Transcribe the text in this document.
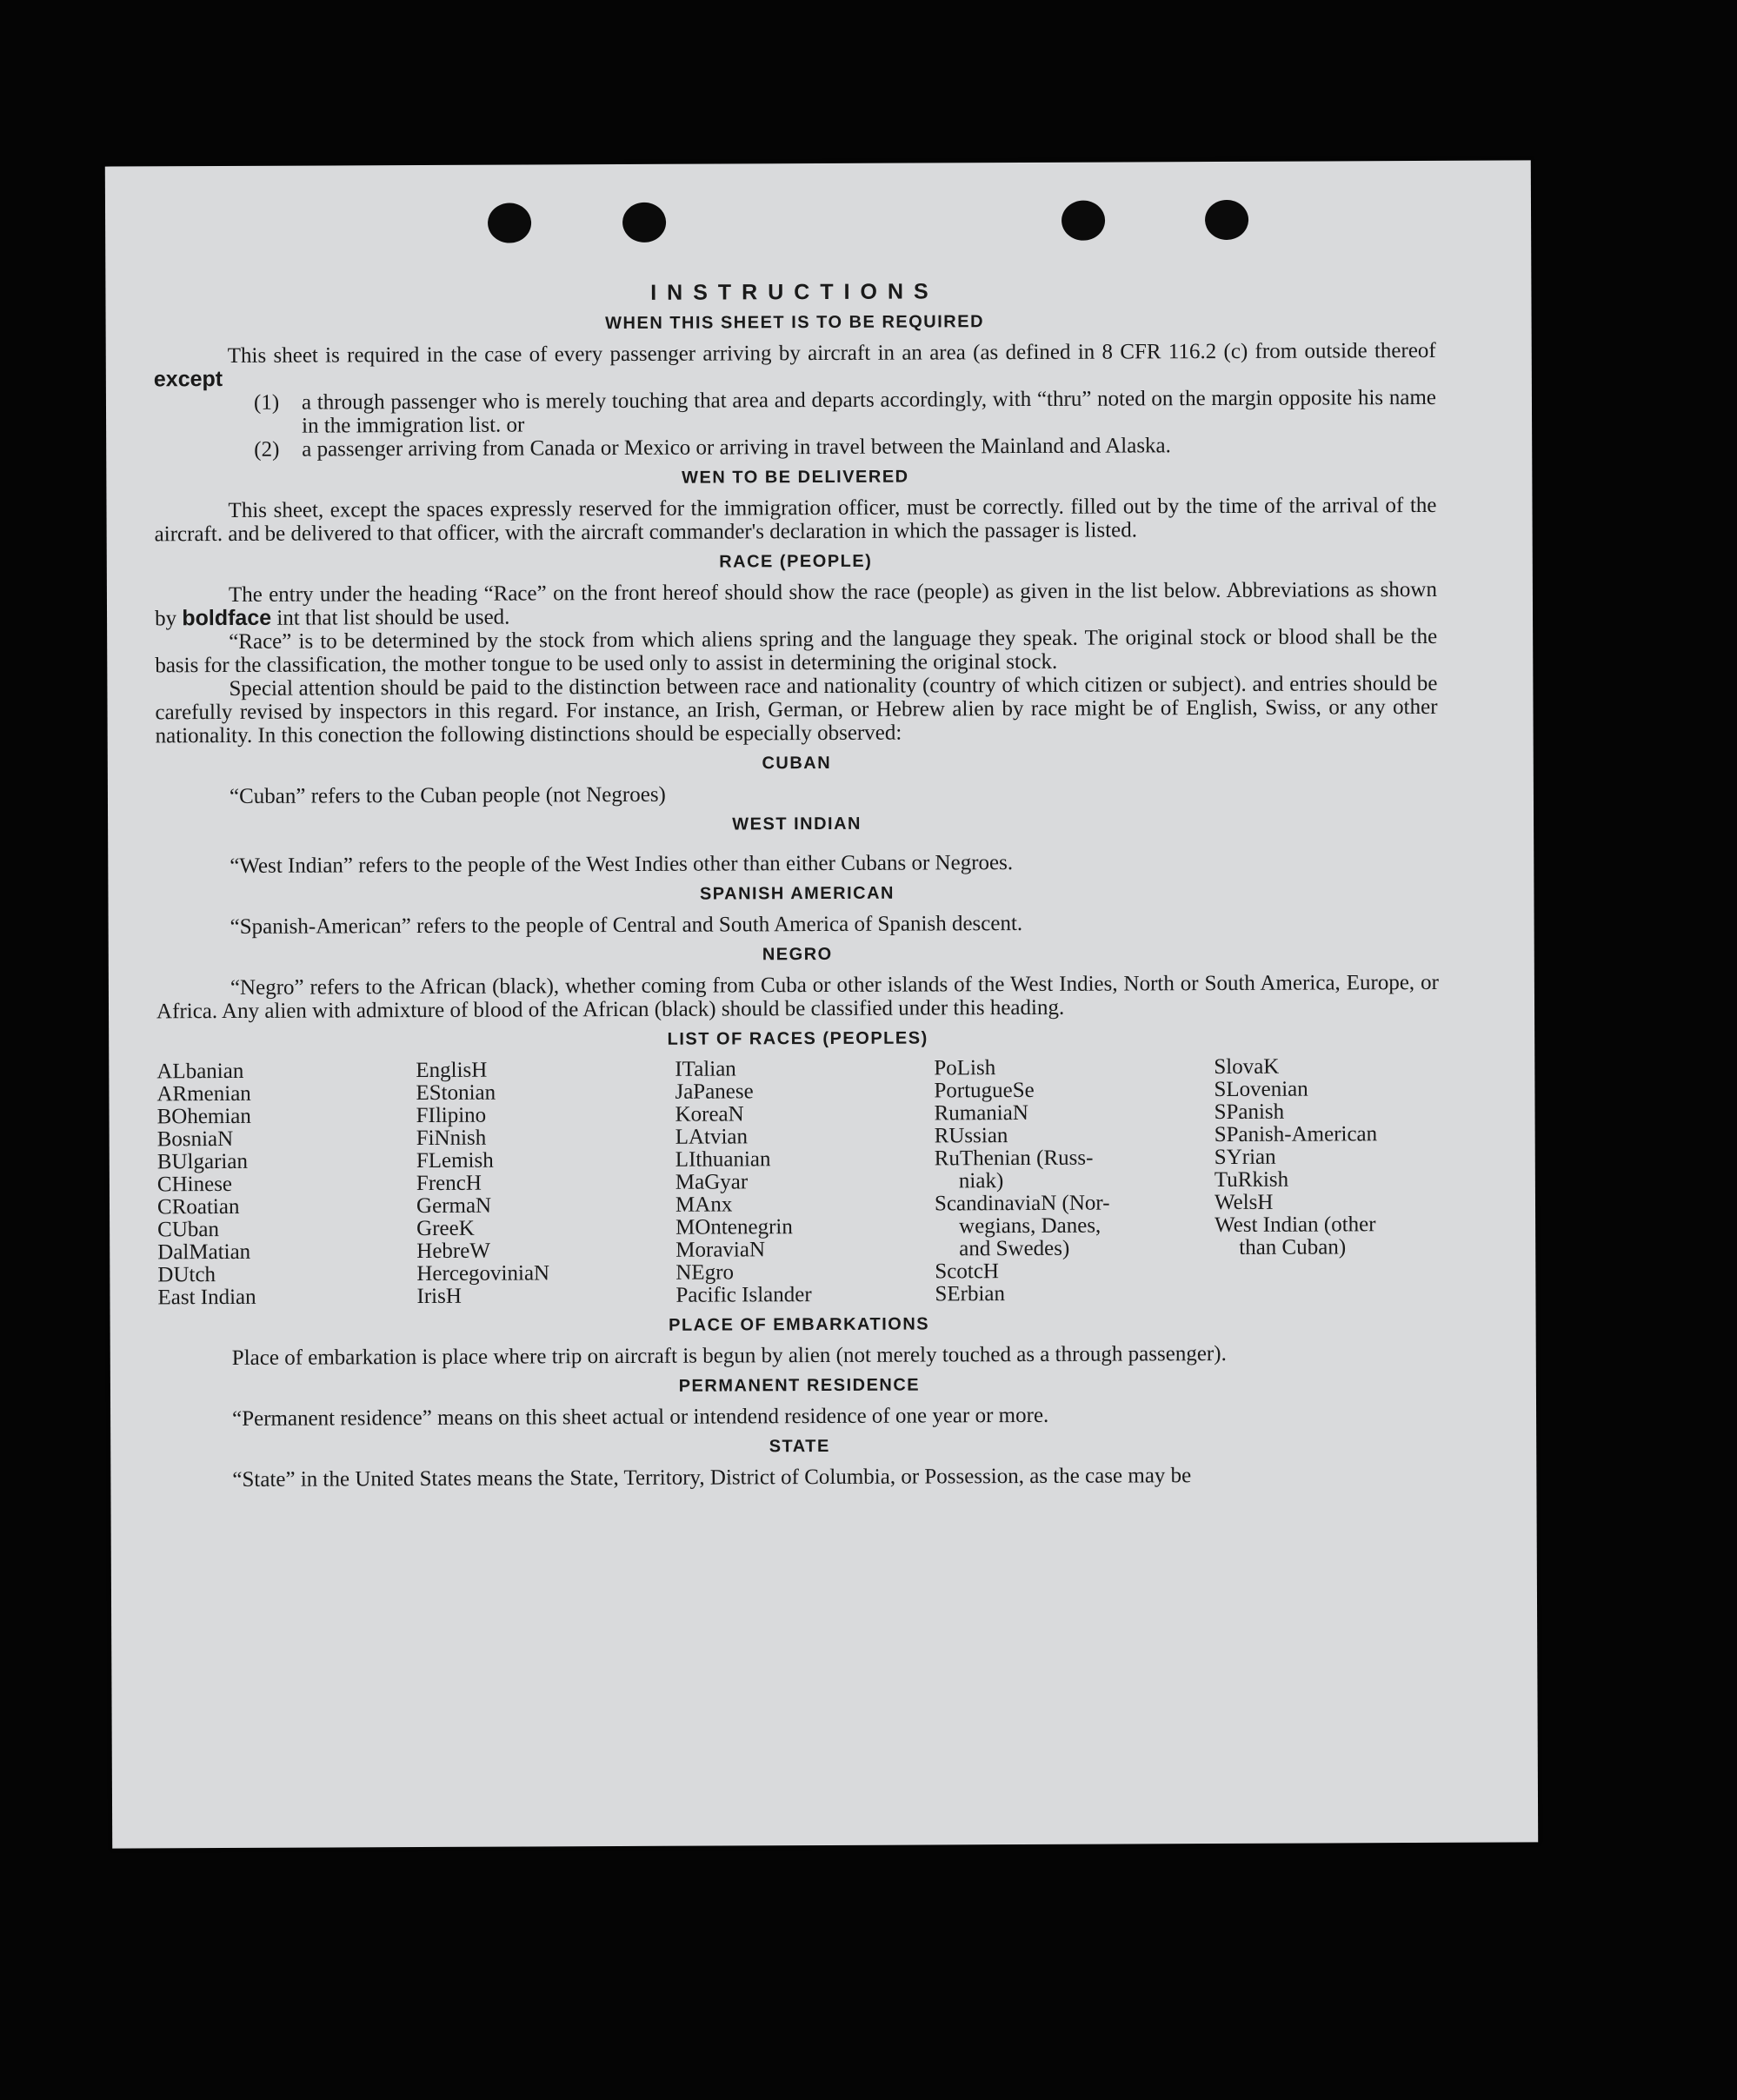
INSTRUCTIONS
WHEN THIS SHEET IS TO BE REQUIRED

This sheet is required in the case of every passenger arriving by aircraft in an area (as defined in 8 CFR 116.2 (c) from outside thereof except

(1)	a through passenger who is merely touching that area and departs accordingly, with “thru” noted on the margin opposite his name in the immigration list. or
(2)	a passenger arriving from Canada or Mexico or arriving in travel between the Mainland and Alaska.
WEN TO BE DELIVERED

This sheet, except the spaces expressly reserved for the immigration officer, must be correctly. filled out by the time of the arrival of the aircraft. and be delivered to that officer, with the aircraft commander's declaration in which the passager is listed.

RACE (PEOPLE)

The entry under the heading “Race” on the front hereof should show the race (people) as given in the list below. Abbreviations as shown by boldface int that list should be used.

“Race” is to be determined by the stock from which aliens spring and the language they speak. The original stock or blood shall be the basis for the classification, the mother tongue to be used only to assist in determining the original stock.

Special attention should be paid to the distinction between race and nationality (country of which citizen or subject). and entries should be carefully revised by inspectors in this regard. For instance, an Irish, German, or Hebrew alien by race might be of English, Swiss, or any other nationality. In this conection the following distinctions should be especially observed:

CUBAN

“Cuban” refers to the Cuban people (not Negroes)

WEST INDIAN

“West Indian” refers to the people of the West Indies other than either Cubans or Negroes.

SPANISH AMERICAN

“Spanish-American” refers to the people of Central and South America of Spanish descent.

NEGRO

“Negro” refers to the African (black), whether coming from Cuba or other islands of the West Indies, North or South America, Europe, or Africa. Any alien with admixture of blood of the African (black) should be classified under this heading.

LIST OF RACES (PEOPLES)
ALbanian
ARmenian
BOhemian
BosniaN
BUlgarian
CHinese
CRoatian
CUban
DalMatian
DUtch
East Indian
EnglisH
EStonian
FIlipino
FiNnish
FLemish
FrencH
GermaN
GreeK
HebreW
HercegoviniaN
IrisH
ITalian
JaPanese
KoreaN
LAtvian
LIthuanian
MaGyar
MAnx
MOntenegrin
MoraviaN
NEgro
Pacific Islander
PoLish
PortugueSe
RumaniaN
RUssian
RuThenian (Russ-
niak)
ScandinaviaN (Nor-
wegians, Danes,
and Swedes)
ScotcH
SErbian
SlovaK
SLovenian
SPanish
SPanish-American
SYrian
TuRkish
WelsH
West Indian (other
than Cuban)
PLACE OF EMBARKATIONS

Place of embarkation is place where trip on aircraft is begun by alien (not merely touched as a through passenger).

PERMANENT RESIDENCE

“Permanent residence” means on this sheet actual or intendend residence of one year or more.

STATE

“State” in the United States means the State, Territory, District of Columbia, or Possession, as the case may be
